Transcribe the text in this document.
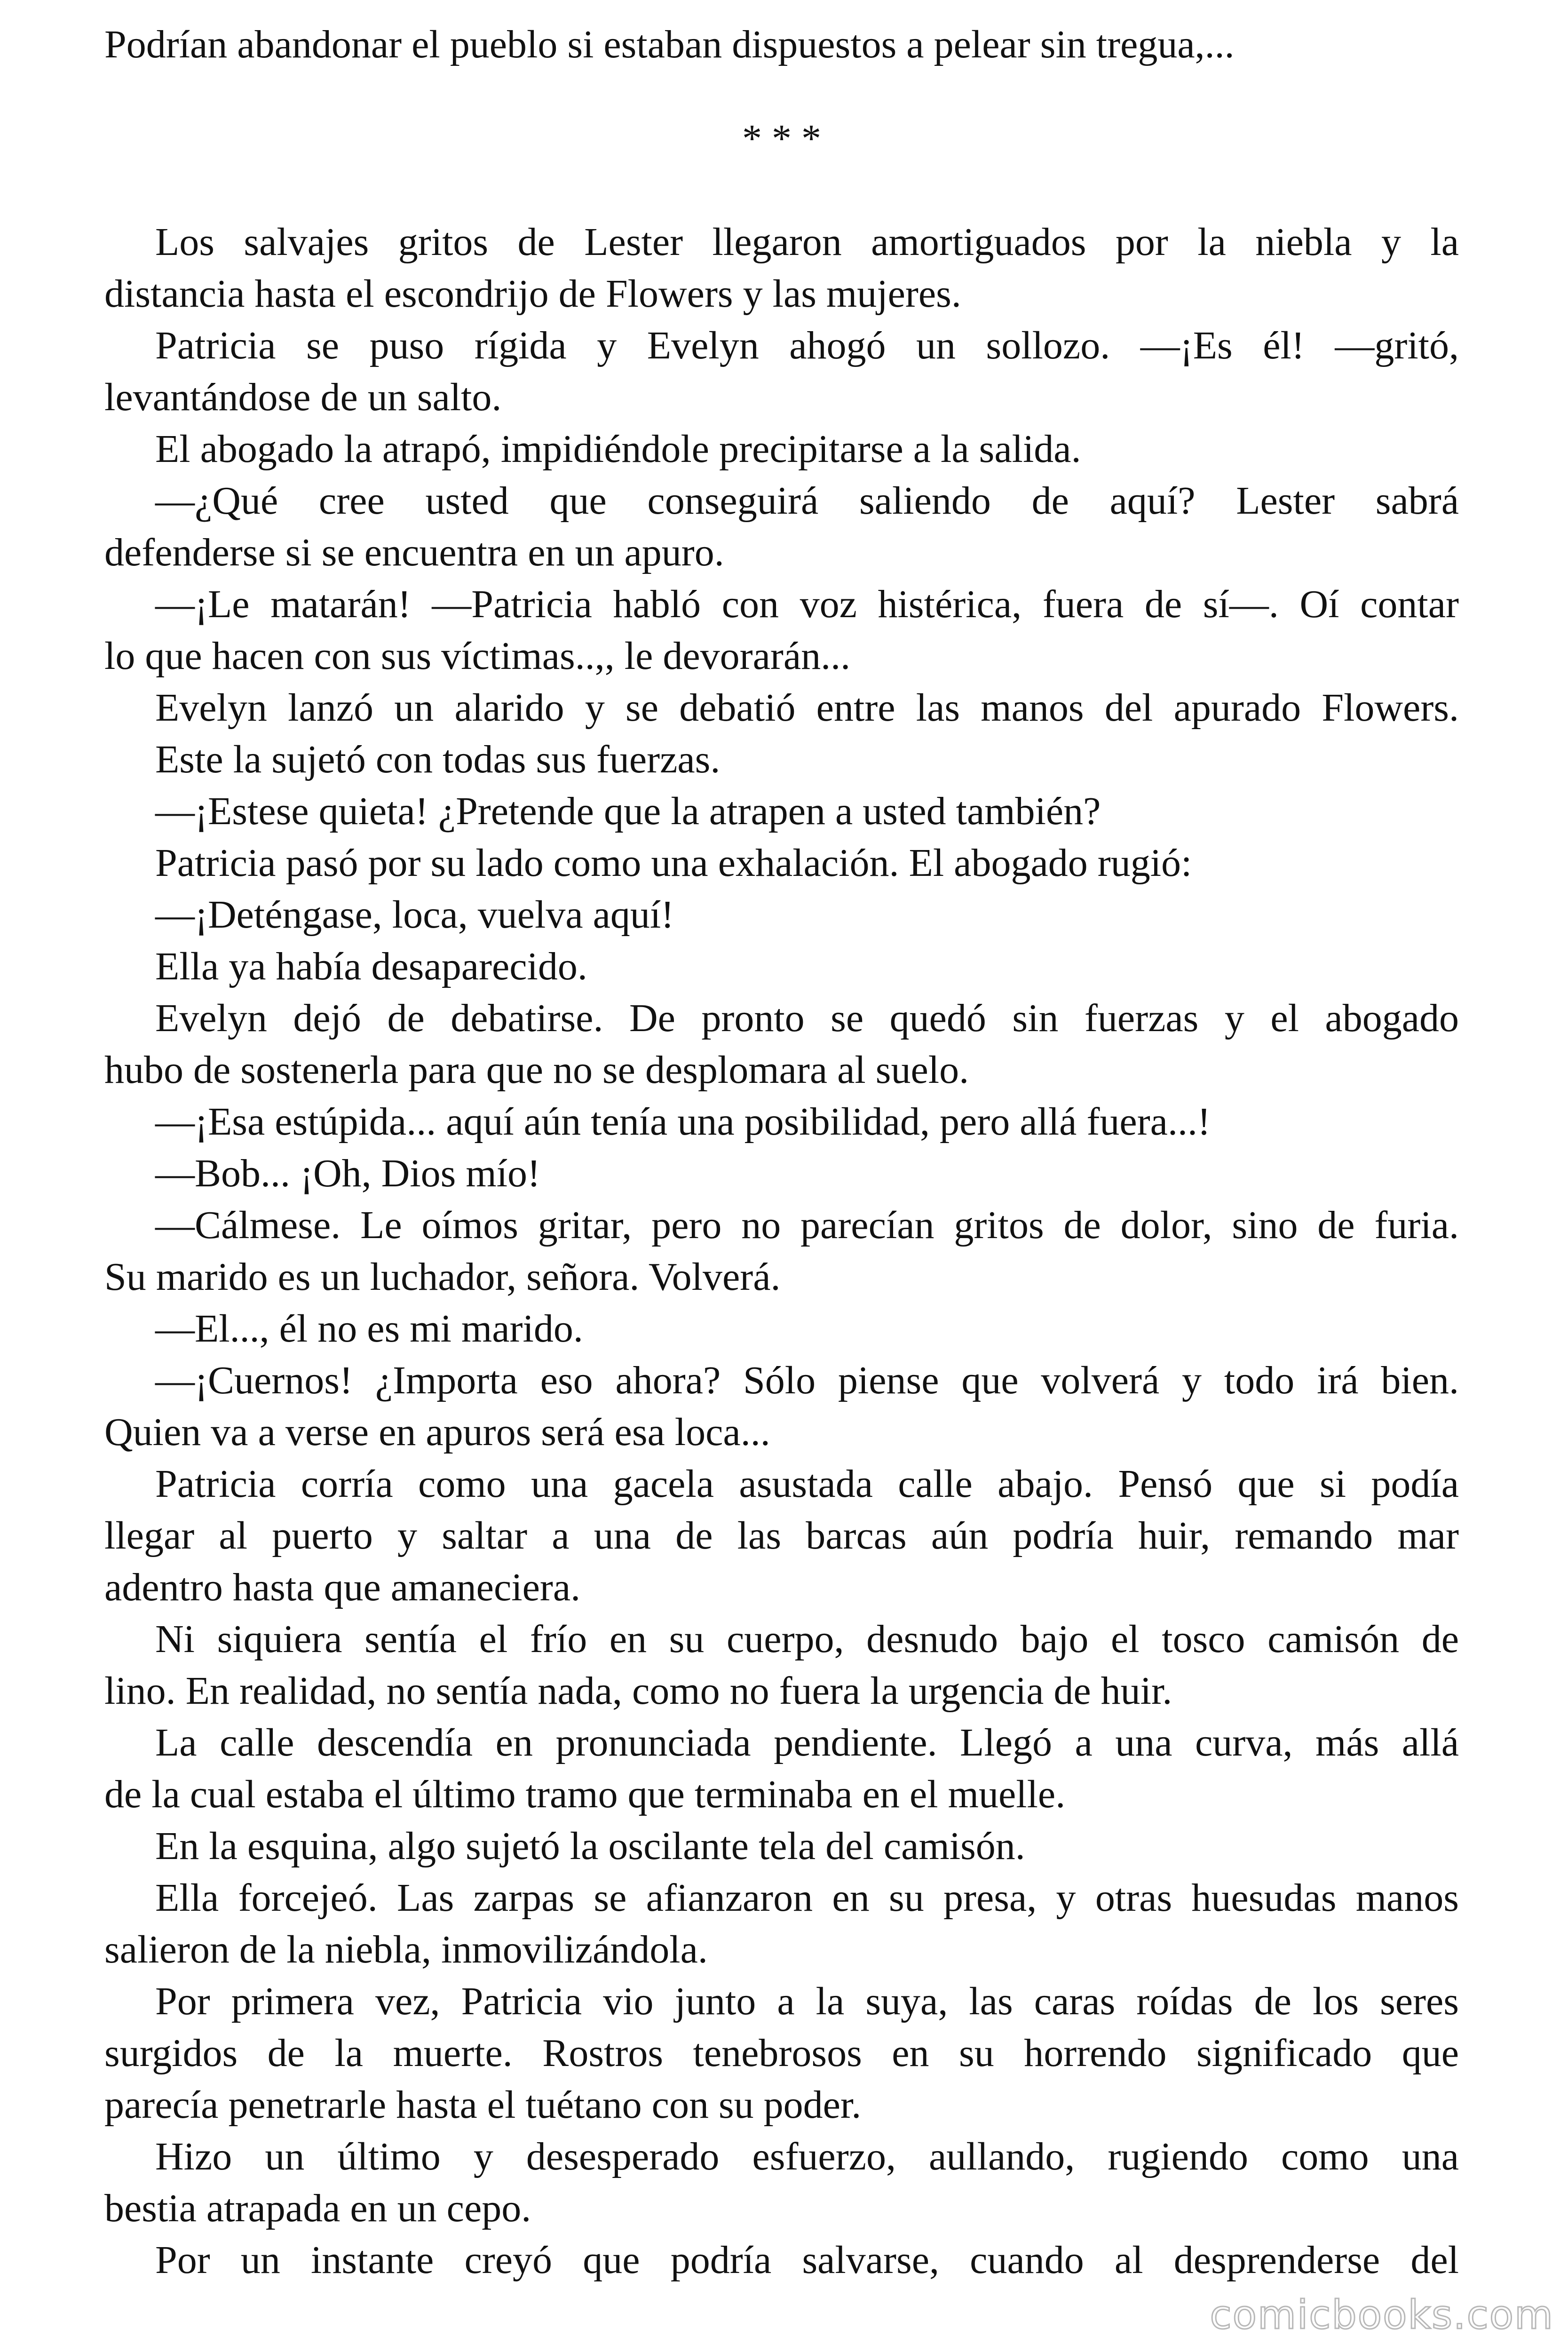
Podrían abandonar el pueblo si estaban dispuestos a pelear sin tregua,...
* * *
Los salvajes gritos de Lester llegaron amortiguados por la niebla y la
distancia hasta el escondrijo de Flowers y las mujeres.
Patricia se puso rígida y Evelyn ahogó un sollozo. —¡Es él! —gritó,
levantándose de un salto.
El abogado la atrapó, impidiéndole precipitarse a la salida.
—¿Qué cree usted que conseguirá saliendo de aquí? Lester sabrá
defenderse si se encuentra en un apuro.
—¡Le matarán! —Patricia habló con voz histérica, fuera de sí—. Oí contar
lo que hacen con sus víctimas..,, le devorarán...
Evelyn lanzó un alarido y se debatió entre las manos del apurado Flowers.
Este la sujetó con todas sus fuerzas.
—¡Estese quieta! ¿Pretende que la atrapen a usted también?
Patricia pasó por su lado como una exhalación. El abogado rugió:
—¡Deténgase, loca, vuelva aquí!
Ella ya había desaparecido.
Evelyn dejó de debatirse. De pronto se quedó sin fuerzas y el abogado
hubo de sostenerla para que no se desplomara al suelo.
—¡Esa estúpida... aquí aún tenía una posibilidad, pero allá fuera...!
—Bob... ¡Oh, Dios mío!
—Cálmese. Le oímos gritar, pero no parecían gritos de dolor, sino de furia.
Su marido es un luchador, señora. Volverá.
—El..., él no es mi marido.
—¡Cuernos! ¿Importa eso ahora? Sólo piense que volverá y todo irá bien.
Quien va a verse en apuros será esa loca...
Patricia corría como una gacela asustada calle abajo. Pensó que si podía
llegar al puerto y saltar a una de las barcas aún podría huir, remando mar
adentro hasta que amaneciera.
Ni siquiera sentía el frío en su cuerpo, desnudo bajo el tosco camisón de
lino. En realidad, no sentía nada, como no fuera la urgencia de huir.
La calle descendía en pronunciada pendiente. Llegó a una curva, más allá
de la cual estaba el último tramo que terminaba en el muelle.
En la esquina, algo sujetó la oscilante tela del camisón.
Ella forcejeó. Las zarpas se afianzaron en su presa, y otras huesudas manos
salieron de la niebla, inmovilizándola.
Por primera vez, Patricia vio junto a la suya, las caras roídas de los seres
surgidos de la muerte. Rostros tenebrosos en su horrendo significado que
parecía penetrarle hasta el tuétano con su poder.
Hizo un último y desesperado esfuerzo, aullando, rugiendo como una
bestia atrapada en un cepo.
Por un instante creyó que podría salvarse, cuando al desprenderse del
comicbooks.com
